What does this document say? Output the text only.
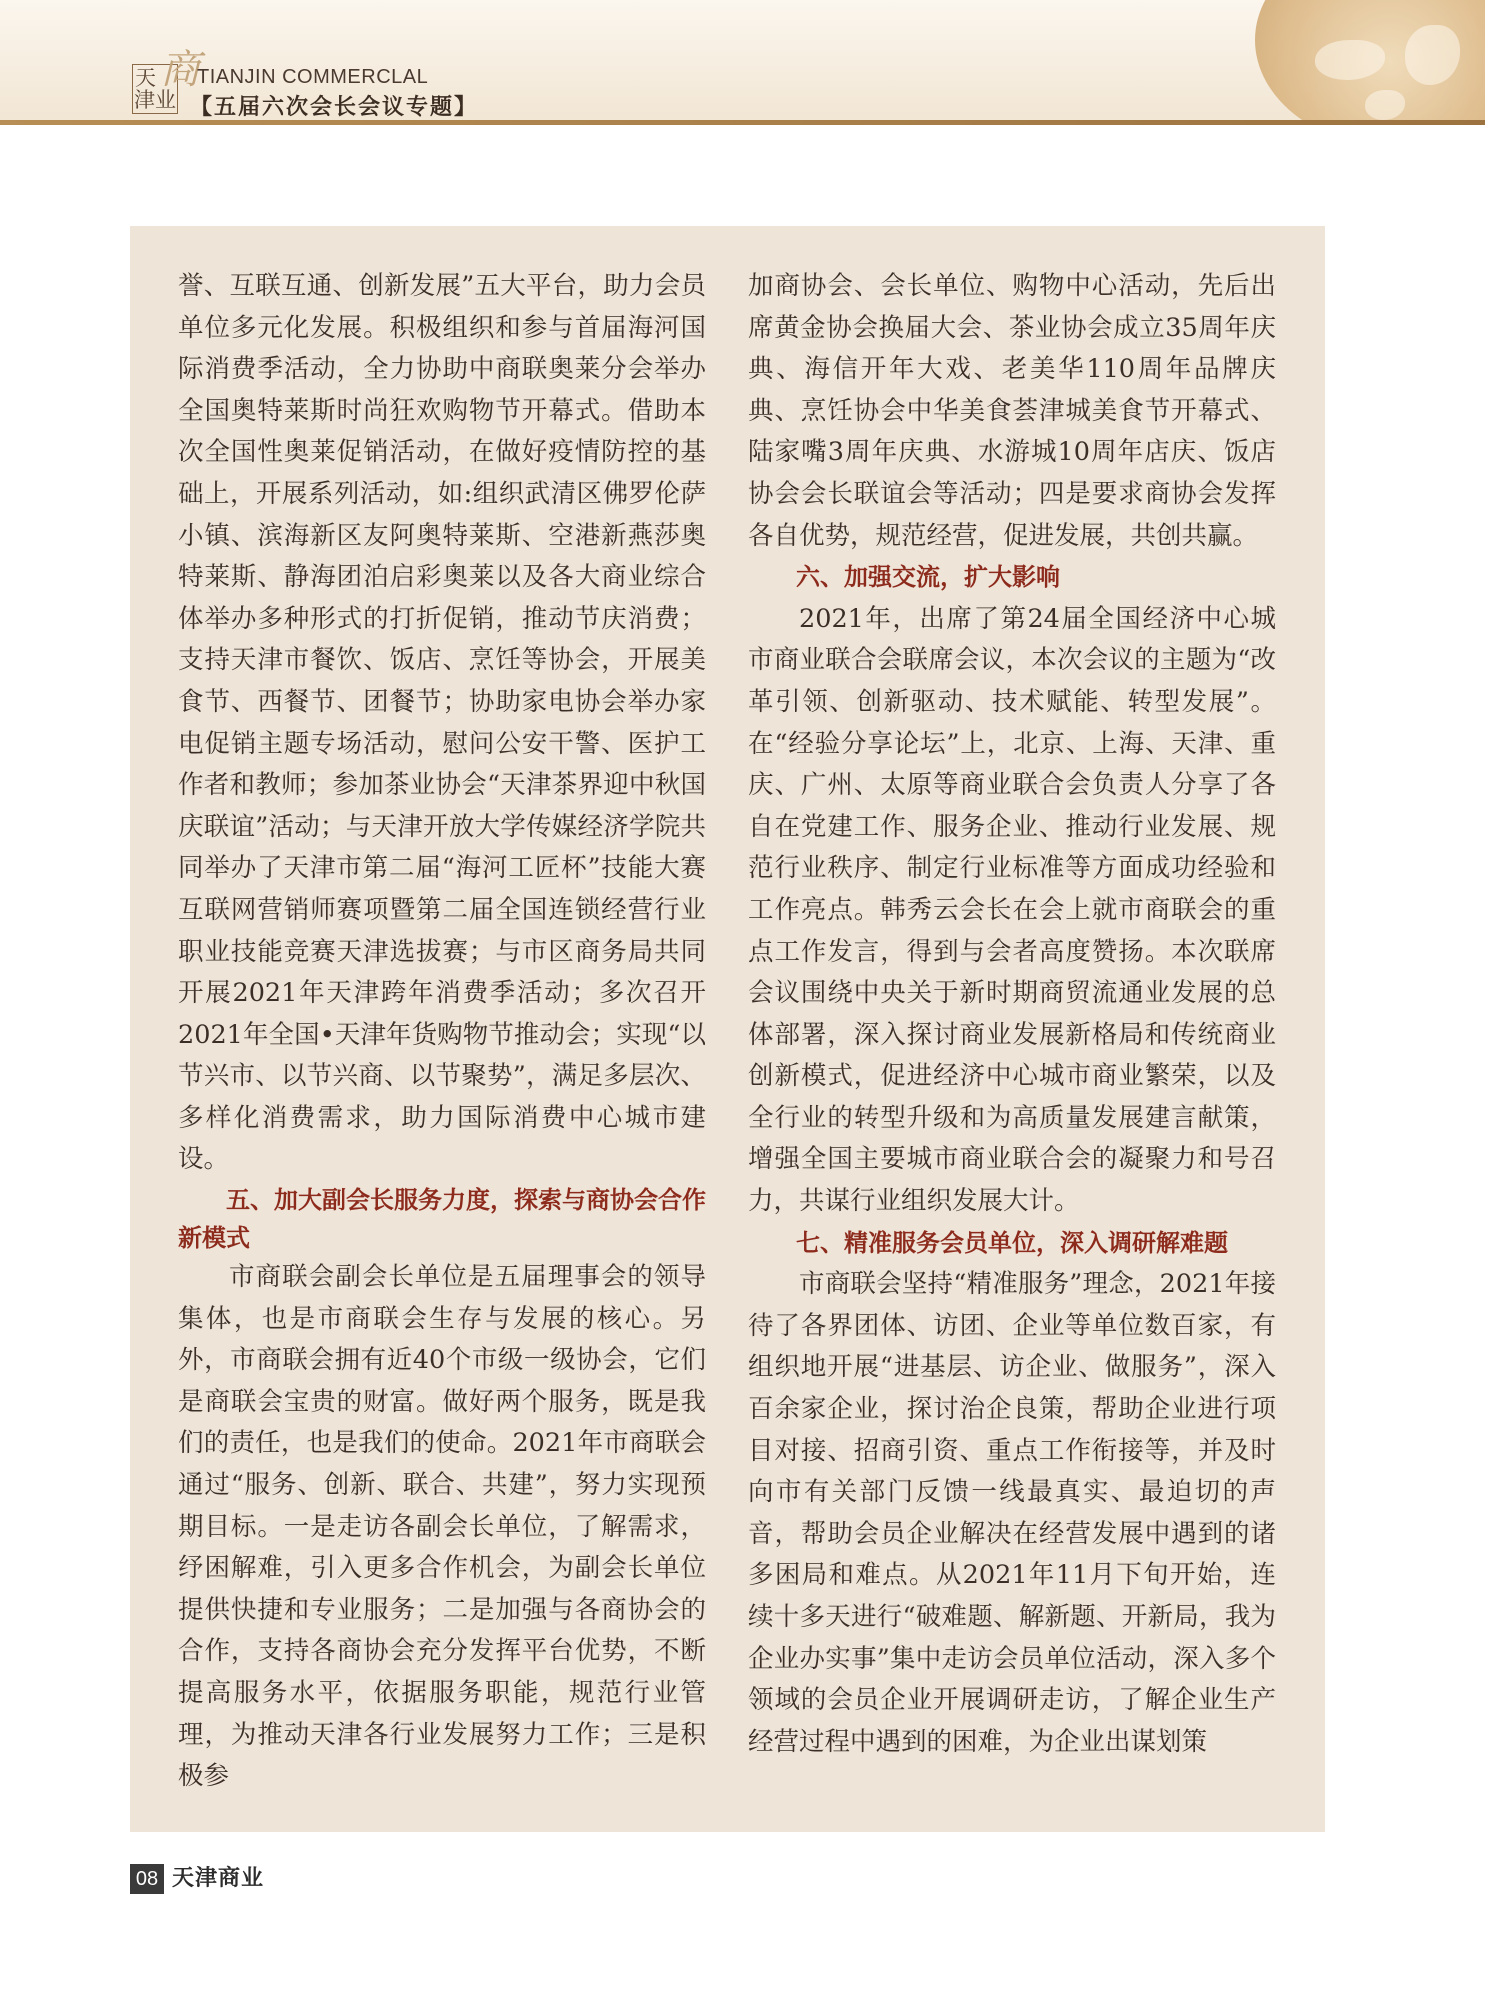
天
津 业
商
TIANJIN COMMERCLAL
【五届六次会长会议专题】

誉、互联互通、创新发展”五大平台，助力会员单位多元化发展。积极组织和参与首届海河国际消费季活动，全力协助中商联奥莱分会举办全国奥特莱斯时尚狂欢购物节开幕式。借助本次全国性奥莱促销活动，在做好疫情防控的基础上，开展系列活动，如:组织武清区佛罗伦萨小镇、滨海新区友阿奥特莱斯、空港新燕莎奥特莱斯、静海团泊启彩奥莱以及各大商业综合体举办多种形式的打折促销，推动节庆消费；支持天津市餐饮、饭店、烹饪等协会，开展美食节、西餐节、团餐节；协助家电协会举办家电促销主题专场活动，慰问公安干警、医护工作者和教师；参加茶业协会“天津茶界迎中秋国庆联谊”活动；与天津开放大学传媒经济学院共同举办了天津市第二届“海河工匠杯”技能大赛互联网营销师赛项暨第二届全国连锁经营行业职业技能竞赛天津选拔赛；与市区商务局共同开展2021年天津跨年消费季活动；多次召开2021年全国•天津年货购物节推动会；实现“以节兴市、以节兴商、以节聚势”，满足多层次、多样化消费需求，助力国际消费中心城市建设。

五、加大副会长服务力度，探索与商协会合作新模式

市商联会副会长单位是五届理事会的领导集体，也是市商联会生存与发展的核心。另外，市商联会拥有近40个市级一级协会，它们是商联会宝贵的财富。做好两个服务，既是我们的责任，也是我们的使命。2021年市商联会通过“服务、创新、联合、共建”，努力实现预期目标。一是走访各副会长单位，了解需求，纾困解难，引入更多合作机会，为副会长单位提供快捷和专业服务；二是加强与各商协会的合作，支持各商协会充分发挥平台优势，不断提高服务水平，依据服务职能，规范行业管理，为推动天津各行业发展努力工作；三是积极参

加商协会、会长单位、购物中心活动，先后出席黄金协会换届大会、茶业协会成立35周年庆典、海信开年大戏、老美华110周年品牌庆典、烹饪协会中华美食荟津城美食节开幕式、陆家嘴3周年庆典、水游城10周年店庆、饭店协会会长联谊会等活动；四是要求商协会发挥各自优势，规范经营，促进发展，共创共赢。

六、加强交流，扩大影响

2021年，出席了第24届全国经济中心城市商业联合会联席会议，本次会议的主题为“改革引领、创新驱动、技术赋能、转型发展”。在“经验分享论坛”上，北京、上海、天津、重庆、广州、太原等商业联合会负责人分享了各自在党建工作、服务企业、推动行业发展、规范行业秩序、制定行业标准等方面成功经验和工作亮点。韩秀云会长在会上就市商联会的重点工作发言，得到与会者高度赞扬。本次联席会议围绕中央关于新时期商贸流通业发展的总体部署，深入探讨商业发展新格局和传统商业创新模式，促进经济中心城市商业繁荣，以及全行业的转型升级和为高质量发展建言献策，增强全国主要城市商业联合会的凝聚力和号召力，共谋行业组织发展大计。

七、精准服务会员单位，深入调研解难题

市商联会坚持“精准服务”理念，2021年接待了各界团体、访团、企业等单位数百家，有组织地开展“进基层、访企业、做服务”，深入百余家企业，探讨治企良策，帮助企业进行项目对接、招商引资、重点工作衔接等，并及时向市有关部门反馈一线最真实、最迫切的声音，帮助会员企业解决在经营发展中遇到的诸多困局和难点。从2021年11月下旬开始，连续十多天进行“破难题、解新题、开新局，我为企业办实事”集中走访会员单位活动，深入多个领域的会员企业开展调研走访，了解企业生产经营过程中遇到的困难，为企业出谋划策

08 天津商业
